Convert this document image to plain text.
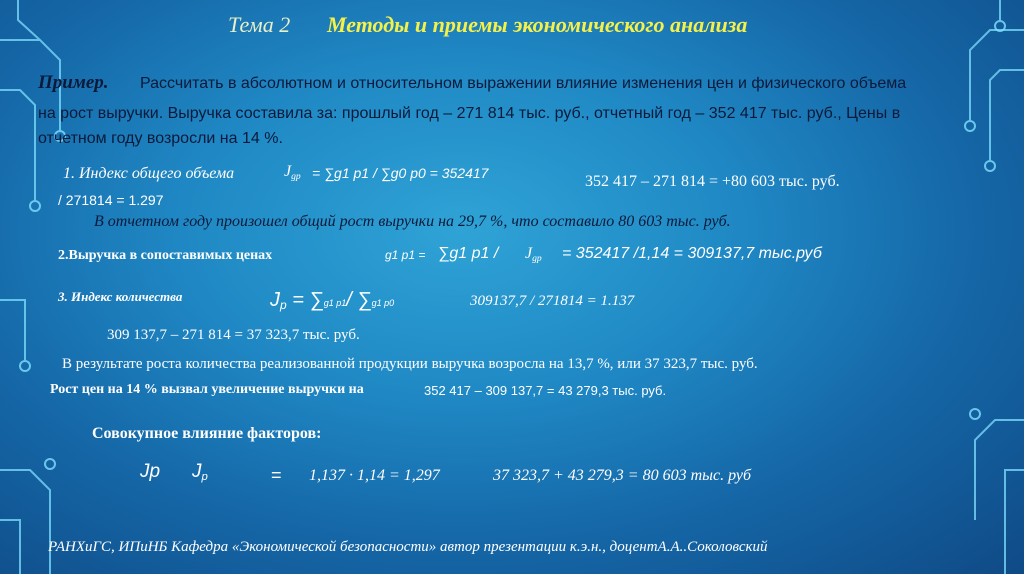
Тема 2 Методы и приемы экономического анализа
Пример. Рассчитать в абсолютном и относительном выражении влияние изменения цен и физического объема
на рост выручки. Выручка составила за: прошлый год – 271 814 тыс. руб., отчетный год – 352 417 тыс. руб., Цены в
отчетном году возросли на 14 %.
1. Индекс общего объема	$J_{gp} = \sum g1$ p1 / ∑g0 p0 = 352417
/ 271814 = 1.297
352 417 – 271 814 = +80 603 тыс. руб.
В отчетном году произошел общий рост выручки на 29,7 %, что составило 80 603 тыс. руб.
2.Выручка в сопоставимых ценах	g1 p1 = ∑g1 $p1 / J_{gp} = 352417$ /1,14 = 309137,7 тыс.руб
3. Индекс количества	$J_p = \sum g1$ p1/ ∑g1 p0	309137,7 / 271814 = 1.137
309 137,7 – 271 814 = 37 323,7 тыс. руб.
В результате роста количества реализованной продукции выручка возросла на 13,7 %, или 37 323,7 тыс. руб.
Рост цен на 14 % вызвал увеличение выручки на	352 417 – 309 137,7 = 43 279,3 тыс. руб.
Совокупное влияние факторов:
Jp $J_p$	= 1,137 · 1,14 = 1,297	37 323,7 + 43 279,3 = 80 603 тыс. руб
РАНХиГС, ИПиНБ Кафедра «Экономической безопасности» автор презентации к.э.н., доцентА.А..Соколовский
